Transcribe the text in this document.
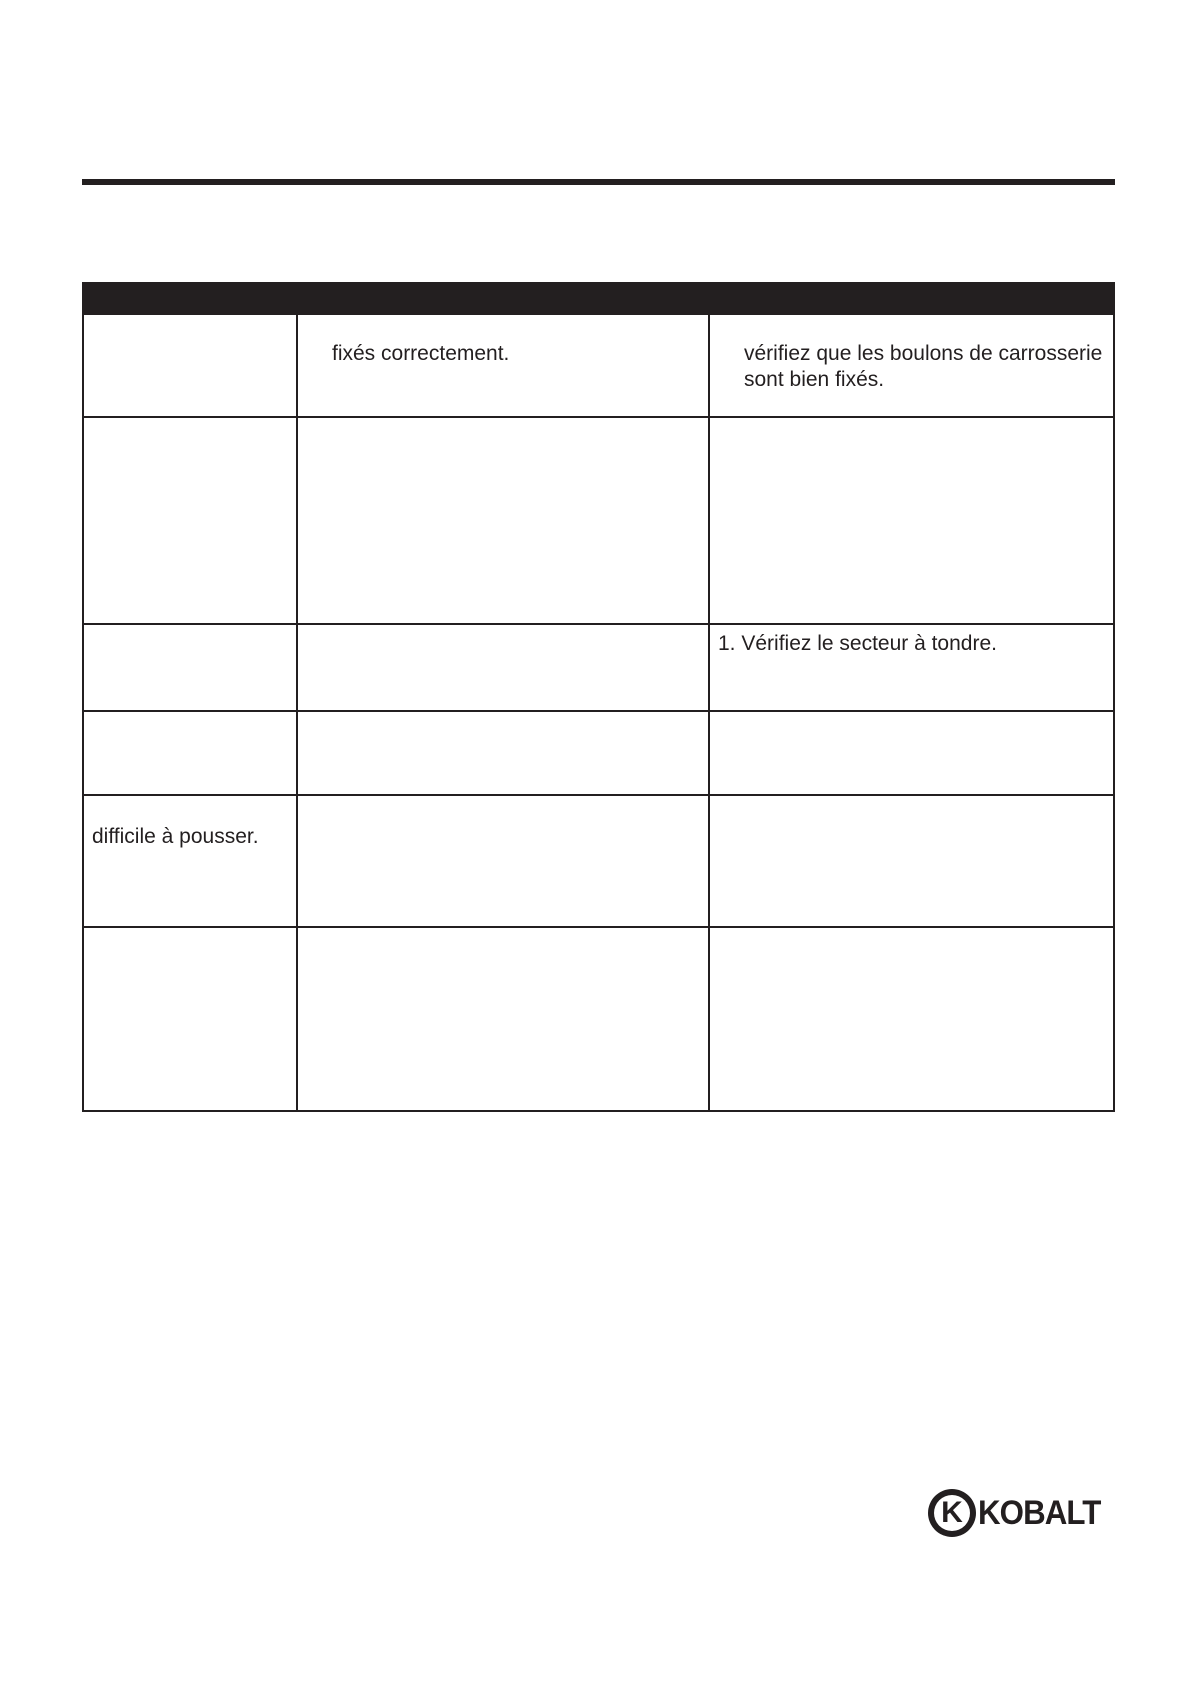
fixés correctement.	vérifiez que les boulons de carrosserie
sont bien fixés.
1. Vérifiez le secteur à tondre.
difficile à pousser.
K KOBALT
